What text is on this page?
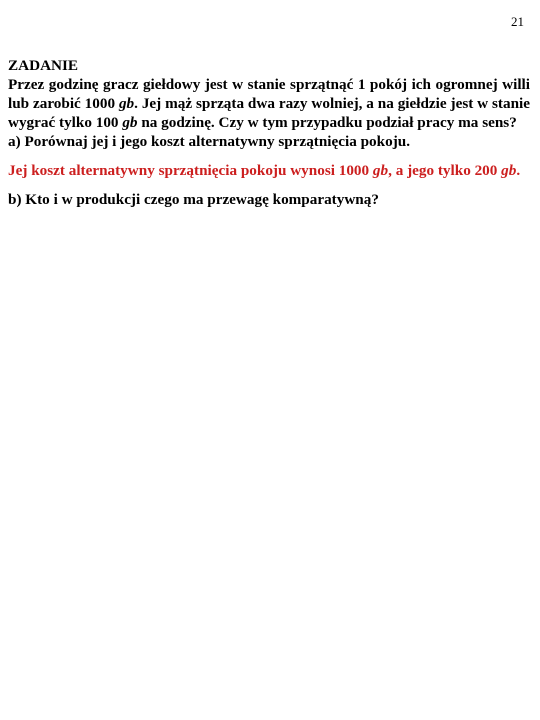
21
ZADANIE
Przez godzinę gracz giełdowy jest w stanie sprzątnąć 1 pokój ich ogromnej willi lub zarobić 1000 gb. Jej mąż sprząta dwa razy wolniej, a na giełdzie jest w stanie wygrać tylko 100 gb na godzinę. Czy w tym przypadku podział pracy ma sens?
a) Porównaj jej i jego koszt alternatywny sprzątnięcia pokoju.
Jej koszt alternatywny sprzątnięcia pokoju wynosi 1000 gb, a jego tylko 200 gb.
b) Kto i w produkcji czego ma przewagę komparatywną?
